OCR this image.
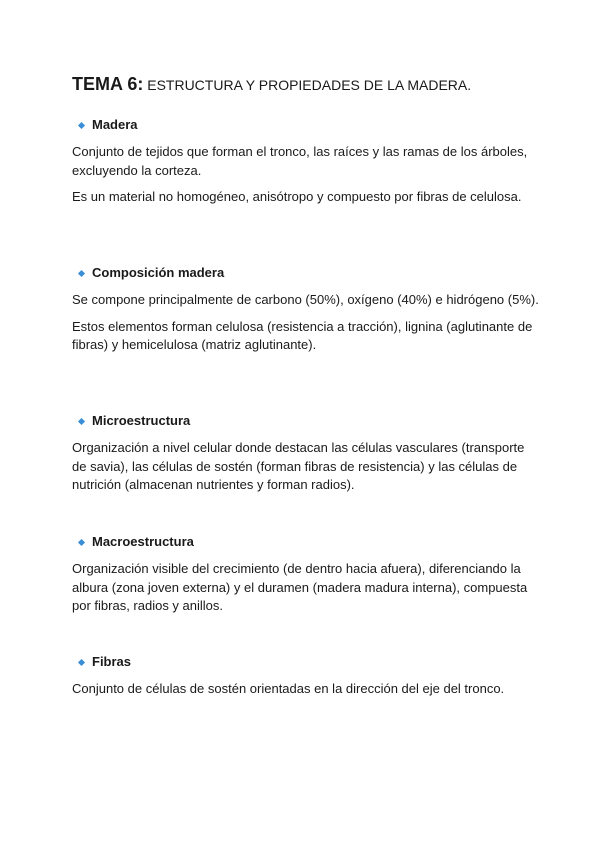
TEMA 6: ESTRUCTURA Y PROPIEDADES DE LA MADERA.
Madera

Conjunto de tejidos que forman el tronco, las raíces y las ramas de los árboles, excluyendo la corteza.

Es un material no homogéneo, anisótropo y compuesto por fibras de celulosa.

Composición madera

Se compone principalmente de carbono (50%), oxígeno (40%) e hidrógeno (5%).

Estos elementos forman celulosa (resistencia a tracción), lignina (aglutinante de fibras) y hemicelulosa (matriz aglutinante).

Microestructura

Organización a nivel celular donde destacan las células vasculares (transporte de savia), las células de sostén (forman fibras de resistencia) y las células de nutrición (almacenan nutrientes y forman radios).

Macroestructura

Organización visible del crecimiento (de dentro hacia afuera), diferenciando la albura (zona joven externa) y el duramen (madera madura interna), compuesta por fibras, radios y anillos.

Fibras

Conjunto de células de sostén orientadas en la dirección del eje del tronco.
